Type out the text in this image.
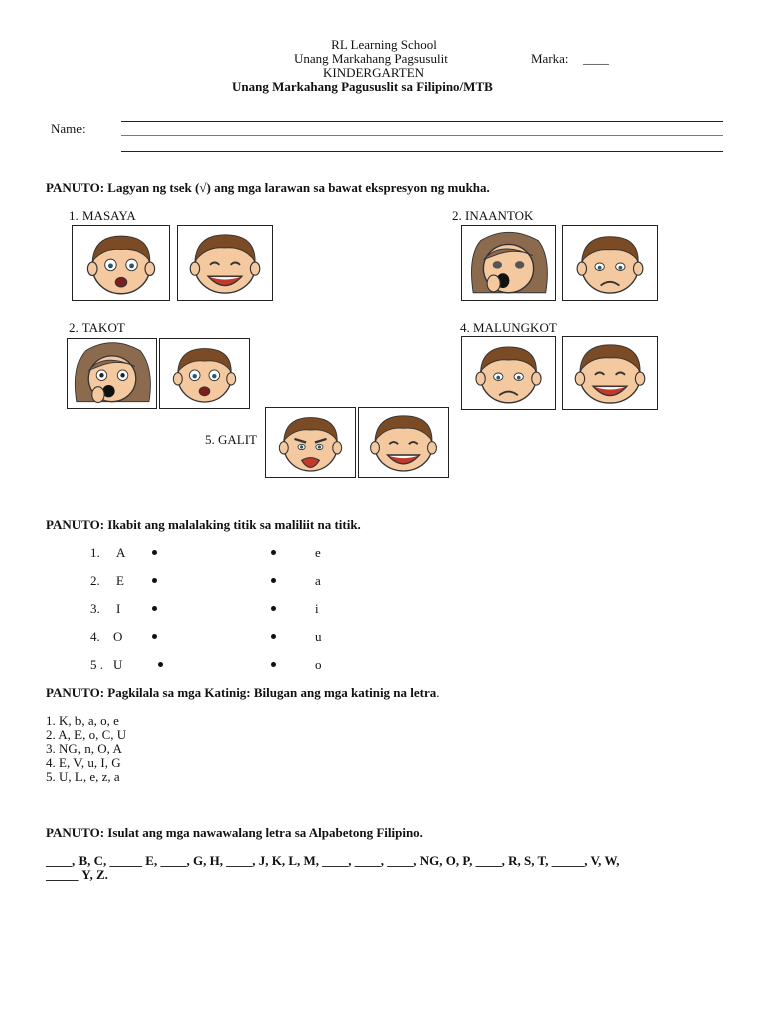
RL Learning School
Unang Markahang Pagsusulit	Marka: ____
KINDERGARTEN
Unang Markahang Pagususlit sa Filipino/MTB
Name:
PANUTO: Lagyan ng tsek (√) ang mga larawan sa bawat ekspresyon ng mukha.
1. MASAYA	2. INAANTOK
2. TAKOT	4. MALUNGKOT
5. GALIT
PANUTO: Ikabit ang malalaking titik sa maliliit na titik.
1. A	e
2. E	a
3. I	i
4. O	u
5 . U	o
PANUTO: Pagkilala sa mga Katinig: Bilugan ang mga katinig na letra.
1. K, b, a, o, e
2. A, E, o, C, U
3. NG, n, O, A
4. E, V, u, I, G
5. U, L, e, z, a
PANUTO: Isulat ang mga nawawalang letra sa Alpabetong Filipino.
____, B, C, _____ E, ____, G, H, ____, J, K, L, M, ____, ____, ____, NG, O, P, ____, R, S, T, _____, V, W,
_____ Y, Z.
